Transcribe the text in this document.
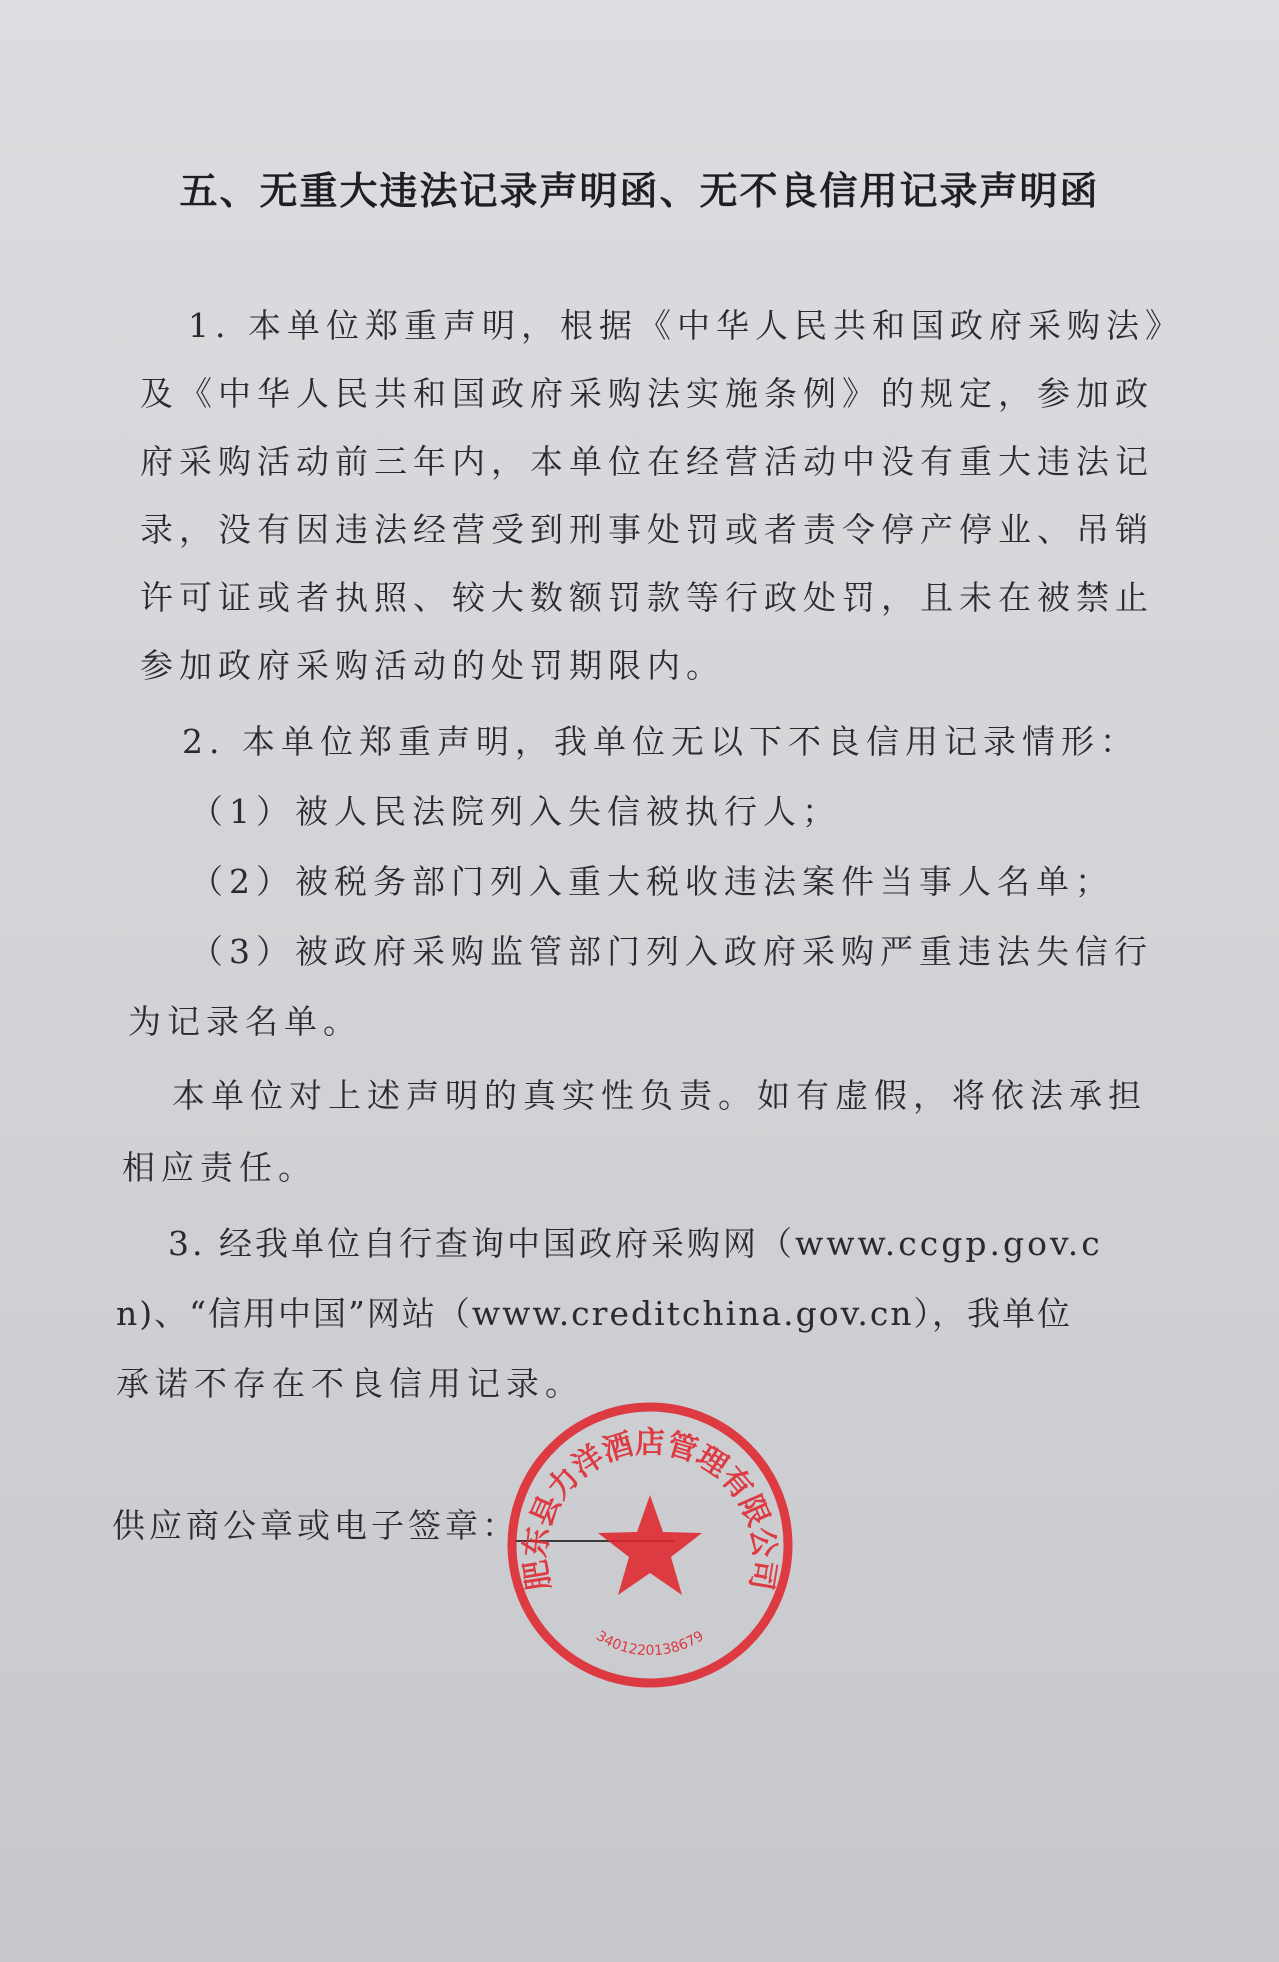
五、无重大违法记录声明函、无不良信用记录声明函
1. 本单位郑重声明，根据《中华人民共和国政府采购法》
及《中华人民共和国政府采购法实施条例》的规定，参加政
府采购活动前三年内，本单位在经营活动中没有重大违法记
录，没有因违法经营受到刑事处罚或者责令停产停业、吊销
许可证或者执照、较大数额罚款等行政处罚，且未在被禁止
参加政府采购活动的处罚期限内。
2. 本单位郑重声明，我单位无以下不良信用记录情形：
（1）被人民法院列入失信被执行人；
（2）被税务部门列入重大税收违法案件当事人名单；
（3）被政府采购监管部门列入政府采购严重违法失信行
为记录名单。
本单位对上述声明的真实性负责。如有虚假，将依法承担
相应责任。
3. 经我单位自行查询中国政府采购网（www.ccgp.gov.c
n)、“信用中国”网站（www.creditchina.gov.cn），我单位
承诺不存在不良信用记录。
供应商公章或电子签章：
肥东县力洋酒店管理有限公司
3401220138679
